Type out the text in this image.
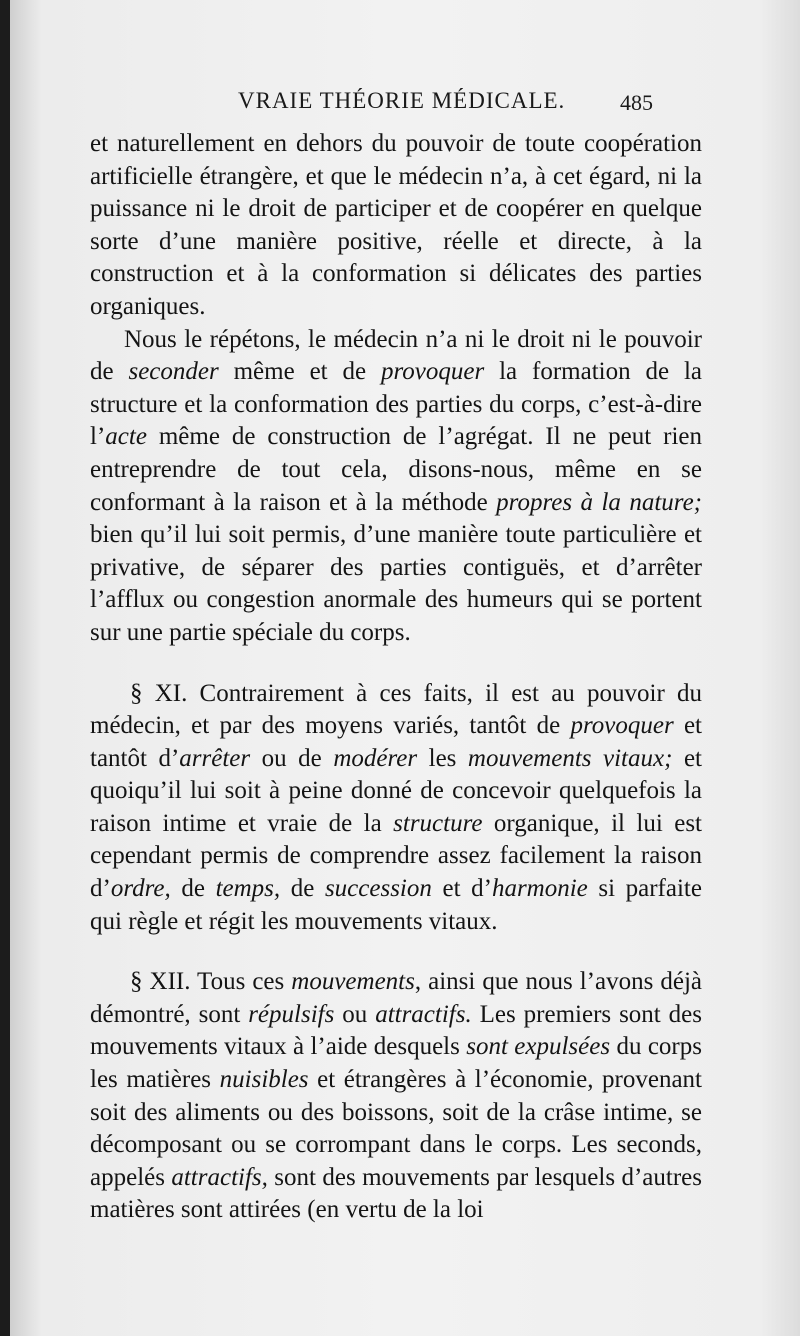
VRAIE THÉORIE MÉDICALE. 485

et naturellement en dehors du pouvoir de toute coopération artificielle étrangère, et que le médecin n’a, à cet égard, ni la puissance ni le droit de participer et de coopérer en quelque sorte d’une manière positive, réelle et directe, à la construction et à la conformation si délicates des parties organiques.

Nous le répétons, le médecin n’a ni le droit ni le pouvoir de seconder même et de provoquer la formation de la structure et la conformation des parties du corps, c’est-à-dire l’acte même de construction de l’agrégat. Il ne peut rien entreprendre de tout cela, disons-nous, même en se conformant à la raison et à la méthode propres à la nature; bien qu’il lui soit permis, d’une manière toute particulière et privative, de séparer des parties contiguës, et d’arrêter l’afflux ou congestion anormale des humeurs qui se portent sur une partie spéciale du corps.

§ XI. Contrairement à ces faits, il est au pouvoir du médecin, et par des moyens variés, tantôt de provoquer et tantôt d’arrêter ou de modérer les mouvements vitaux; et quoiqu’il lui soit à peine donné de concevoir quelquefois la raison intime et vraie de la structure organique, il lui est cependant permis de comprendre assez facilement la raison d’ordre, de temps, de succession et d’harmonie si parfaite qui règle et régit les mouvements vitaux.

§ XII. Tous ces mouvements, ainsi que nous l’avons déjà démontré, sont répulsifs ou attractifs. Les premiers sont des mouvements vitaux à l’aide desquels sont expulsées du corps les matières nuisibles et étrangères à l’économie, provenant soit des aliments ou des boissons, soit de la crâse intime, se décomposant ou se corrompant dans le corps. Les seconds, appelés attractifs, sont des mouvements par lesquels d’autres matières sont attirées (en vertu de la loi
